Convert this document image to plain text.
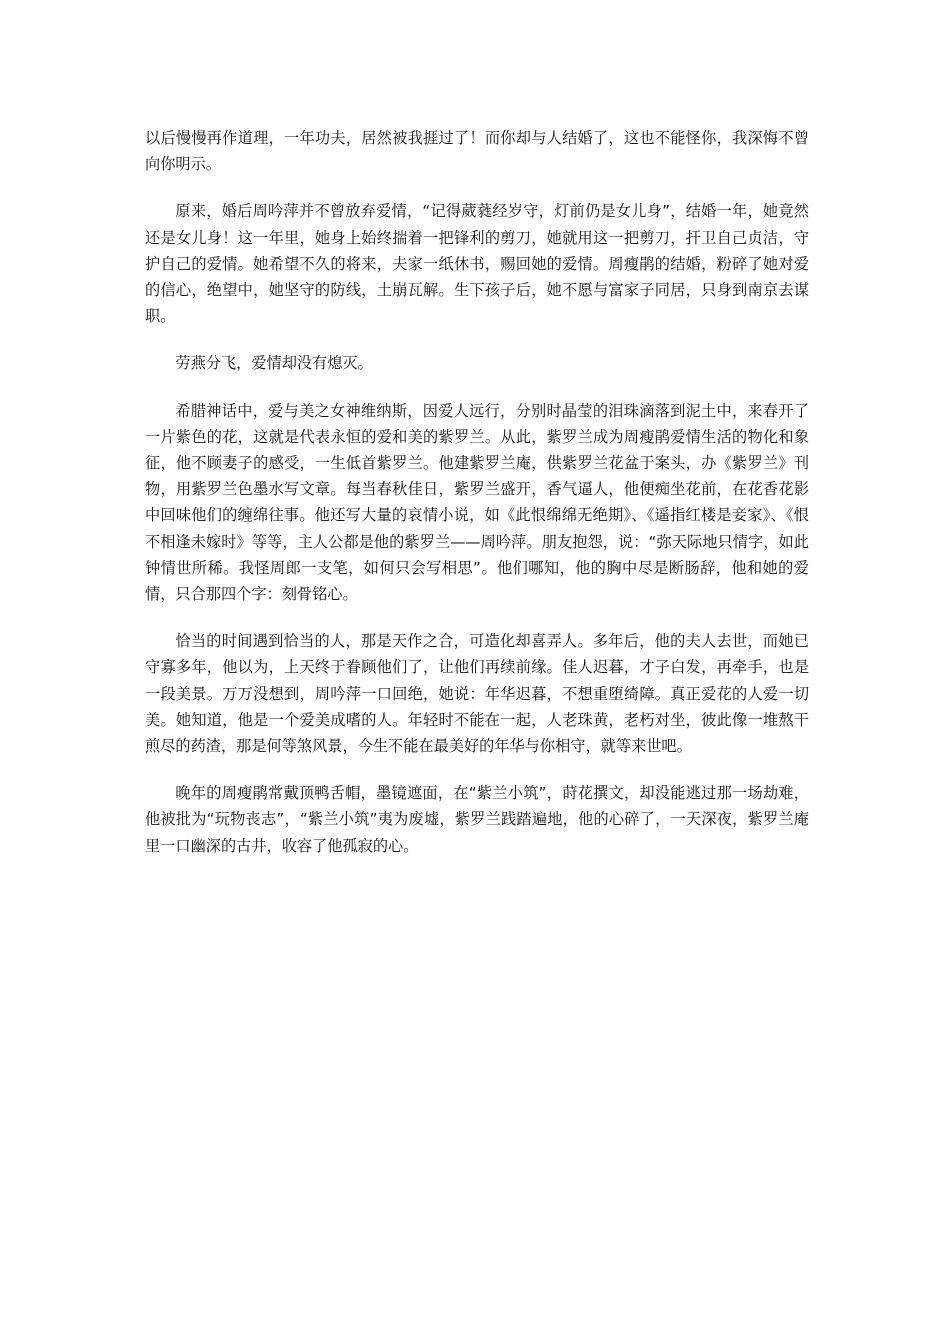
以后慢慢再作道理，一年功夫，居然被我捱过了！而你却与人结婚了，这也不能怪你，我深悔不曾向你明示。

原来，婚后周吟萍并不曾放弃爱情，“记得葳蕤经岁守，灯前仍是女儿身”，结婚一年，她竟然还是女儿身！这一年里，她身上始终揣着一把锋利的剪刀，她就用这一把剪刀，扞卫自己贞洁，守护自己的爱情。她希望不久的将来，夫家一纸休书，赐回她的爱情。周瘦鹃的结婚，粉碎了她对爱的信心，绝望中，她坚守的防线，土崩瓦解。生下孩子后，她不愿与富家子同居，只身到南京去谋职。

劳燕分飞，爱情却没有熄灭。

希腊神话中，爱与美之女神维纳斯，因爱人远行，分别时晶莹的泪珠滴落到泥土中，来春开了一片紫色的花，这就是代表永恒的爱和美的紫罗兰。从此，紫罗兰成为周瘦鹃爱情生活的物化和象征，他不顾妻子的感受，一生低首紫罗兰。他建紫罗兰庵，供紫罗兰花盆于案头，办《紫罗兰》刊物，用紫罗兰色墨水写文章。每当春秋佳日，紫罗兰盛开，香气逼人，他便痴坐花前，在花香花影中回味他们的缠绵往事。他还写大量的哀情小说，如《此恨绵绵无绝期》、《遥指红楼是妾家》、《恨不相逢未嫁时》等等，主人公都是他的紫罗兰——周吟萍。朋友抱怨，说：“弥天际地只情字，如此钟情世所稀。我怪周郎一支笔，如何只会写相思”。他们哪知，他的胸中尽是断肠辞，他和她的爱情，只合那四个字：刻骨铭心。

恰当的时间遇到恰当的人，那是天作之合，可造化却喜弄人。多年后，他的夫人去世，而她已守寡多年，他以为，上天终于眷顾他们了，让他们再续前缘。佳人迟暮，才子白发，再牵手，也是一段美景。万万没想到，周吟萍一口回绝，她说：年华迟暮，不想重堕绮障。真正爱花的人爱一切美。她知道，他是一个爱美成嗜的人。年轻时不能在一起，人老珠黄，老朽对坐，彼此像一堆熬干煎尽的药渣，那是何等煞风景，今生不能在最美好的年华与你相守，就等来世吧。

晚年的周瘦鹃常戴顶鸭舌帽，墨镜遮面，在“紫兰小筑”，莳花撰文，却没能逃过那一场劫难，他被批为“玩物丧志”，“紫兰小筑”夷为废墟，紫罗兰践踏遍地，他的心碎了，一天深夜，紫罗兰庵里一口幽深的古井，收容了他孤寂的心。
